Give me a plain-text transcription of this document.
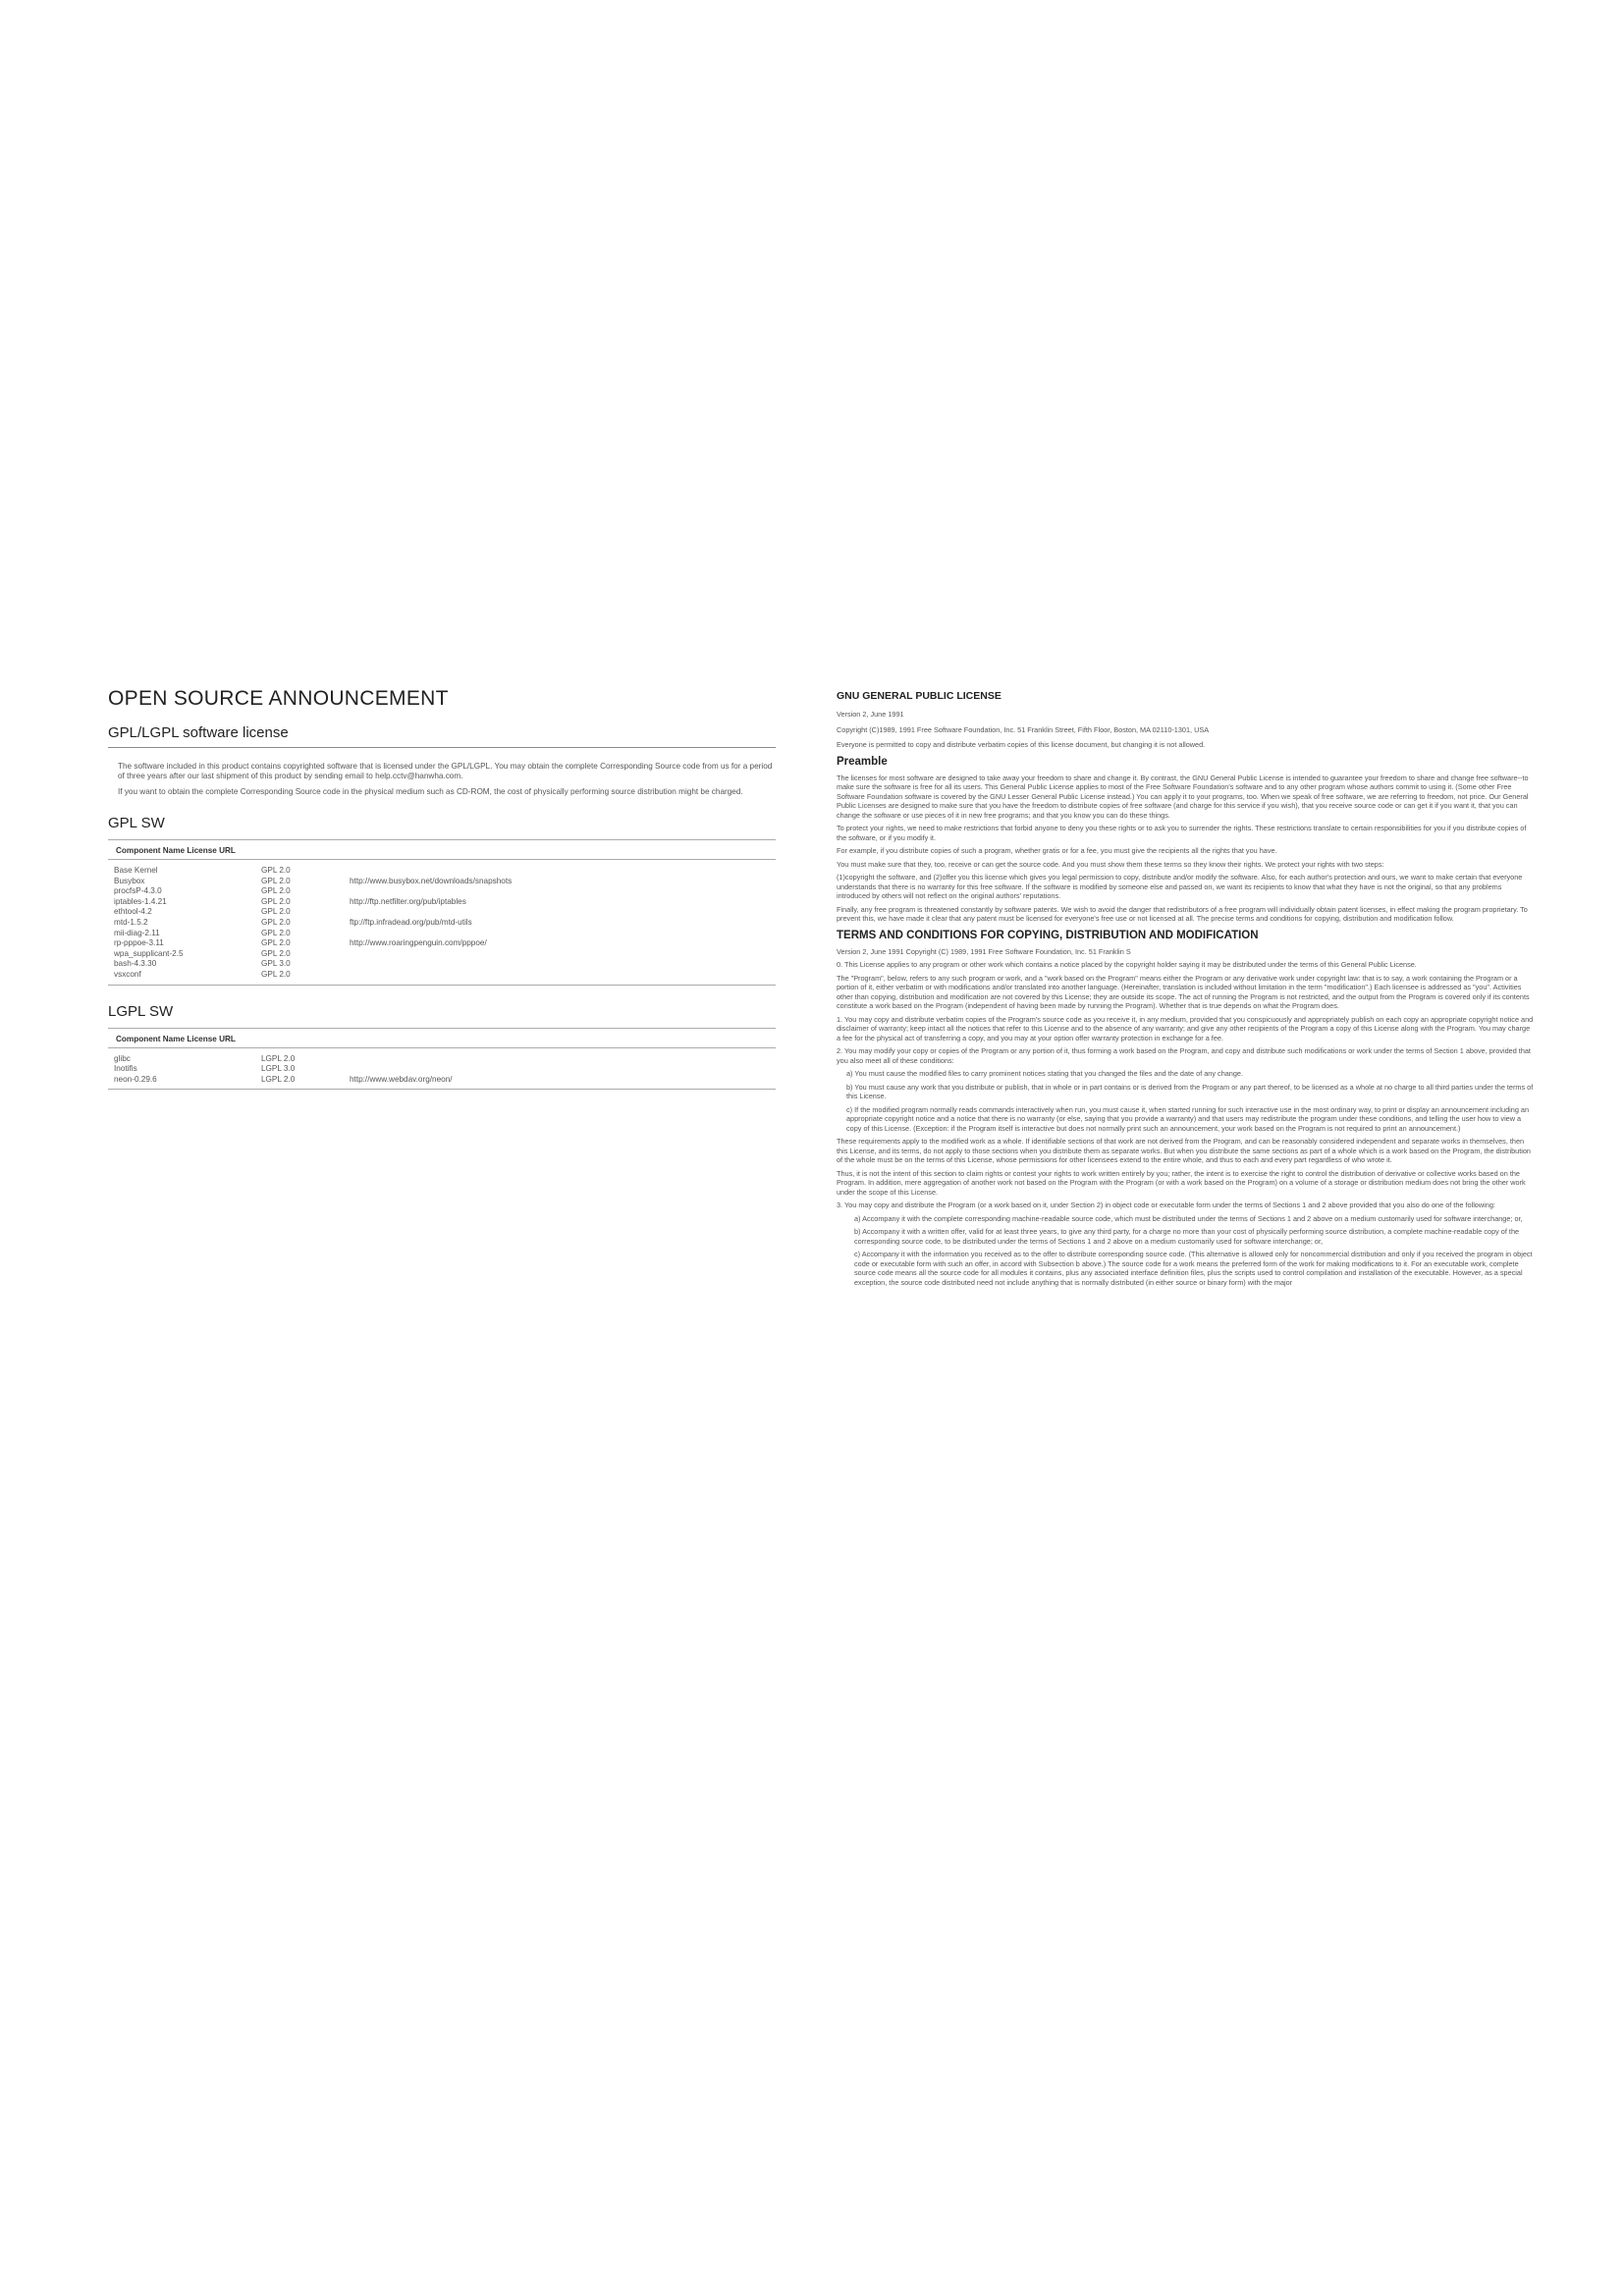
OPEN SOURCE ANNOUNCEMENT
GPL/LGPL software license

The software included in this product contains copyrighted software that is licensed under the GPL/LGPL. You may obtain the complete Corresponding Source code from us for a period of three years after our last shipment of this product by sending email to help.cctv@hanwha.com.

If you want to obtain the complete Corresponding Source code in the physical medium such as CD-ROM, the cost of physically performing source distribution might be charged.

GPL SW
Component Name License URL
Base Kernel	GPL 2.0
Busybox	GPL 2.0	http://www.busybox.net/downloads/snapshots
procfsP-4.3.0	GPL 2.0
iptables-1.4.21	GPL 2.0	http://ftp.netfilter.org/pub/iptables
ethtool-4.2	GPL 2.0
mtd-1.5.2	GPL 2.0	ftp://ftp.infradead.org/pub/mtd-utils
mii-diag-2.11	GPL 2.0
rp-pppoe-3.11	GPL 2.0	http://www.roaringpenguin.com/pppoe/
wpa_supplicant-2.5	GPL 2.0
bash-4.3.30	GPL 3.0
vsxconf	GPL 2.0
LGPL SW
Component Name License URL
glibc	LGPL 2.0
Inotifis	LGPL 3.0
neon-0.29.6	LGPL 2.0	http://www.webdav.org/neon/
GNU GENERAL PUBLIC LICENSE

Version 2, June 1991

Copyright (C)1989, 1991 Free Software Foundation, Inc. 51 Franklin Street, Fifth Floor, Boston, MA 02110-1301, USA

Everyone is permitted to copy and distribute verbatim copies of this license document, but changing it is not allowed.

Preamble

The licenses for most software are designed to take away your freedom to share and change it. By contrast, the GNU General Public License is intended to guarantee your freedom to share and change free software--to make sure the software is free for all its users. This General Public License applies to most of the Free Software Foundation's software and to any other program whose authors commit to using it. (Some other Free Software Foundation software is covered by the GNU Lesser General Public License instead.) You can apply it to your programs, too. When we speak of free software, we are referring to freedom, not price. Our General Public Licenses are designed to make sure that you have the freedom to distribute copies of free software (and charge for this service if you wish), that you receive source code or can get it if you want it, that you can change the software or use pieces of it in new free programs; and that you know you can do these things.

To protect your rights, we need to make restrictions that forbid anyone to deny you these rights or to ask you to surrender the rights. These restrictions translate to certain responsibilities for you if you distribute copies of the software, or if you modify it.

For example, if you distribute copies of such a program, whether gratis or for a fee, you must give the recipients all the rights that you have.

You must make sure that they, too, receive or can get the source code. And you must show them these terms so they know their rights. We protect your rights with two steps:

(1)copyright the software, and (2)offer you this license which gives you legal permission to copy, distribute and/or modify the software. Also, for each author's protection and ours, we want to make certain that everyone understands that there is no warranty for this free software. If the software is modified by someone else and passed on, we want its recipients to know that what they have is not the original, so that any problems introduced by others will not reflect on the original authors' reputations.

Finally, any free program is threatened constantly by software patents. We wish to avoid the danger that redistributors of a free program will individually obtain patent licenses, in effect making the program proprietary. To prevent this, we have made it clear that any patent must be licensed for everyone's free use or not licensed at all. The precise terms and conditions for copying, distribution and modification follow.

TERMS AND CONDITIONS FOR COPYING, DISTRIBUTION AND MODIFICATION

Version 2, June 1991 Copyright (C) 1989, 1991 Free Software Foundation, Inc. 51 Franklin S

0. This License applies to any program or other work which contains a notice placed by the copyright holder saying it may be distributed under the terms of this General Public License.

The "Program", below, refers to any such program or work, and a "work based on the Program" means either the Program or any derivative work under copyright law: that is to say, a work containing the Program or a portion of it, either verbatim or with modifications and/or translated into another language. (Hereinafter, translation is included without limitation in the term "modification".) Each licensee is addressed as "you". Activities other than copying, distribution and modification are not covered by this License; they are outside its scope. The act of running the Program is not restricted, and the output from the Program is covered only if its contents constitute a work based on the Program (independent of having been made by running the Program). Whether that is true depends on what the Program does.

1. You may copy and distribute verbatim copies of the Program's source code as you receive it, in any medium, provided that you conspicuously and appropriately publish on each copy an appropriate copyright notice and disclaimer of warranty; keep intact all the notices that refer to this License and to the absence of any warranty; and give any other recipients of the Program a copy of this License along with the Program. You may charge a fee for the physical act of transferring a copy, and you may at your option offer warranty protection in exchange for a fee.

2. You may modify your copy or copies of the Program or any portion of it, thus forming a work based on the Program, and copy and distribute such modifications or work under the terms of Section 1 above, provided that you also meet all of these conditions:

a) You must cause the modified files to carry prominent notices stating that you changed the files and the date of any change.

b) You must cause any work that you distribute or publish, that in whole or in part contains or is derived from the Program or any part thereof, to be licensed as a whole at no charge to all third parties under the terms of this License.

c) If the modified program normally reads commands interactively when run, you must cause it, when started running for such interactive use in the most ordinary way, to print or display an announcement including an appropriate copyright notice and a notice that there is no warranty (or else, saying that you provide a warranty) and that users may redistribute the program under these conditions, and telling the user how to view a copy of this License. (Exception: if the Program itself is interactive but does not normally print such an announcement, your work based on the Program is not required to print an announcement.)

These requirements apply to the modified work as a whole. If identifiable sections of that work are not derived from the Program, and can be reasonably considered independent and separate works in themselves, then this License, and its terms, do not apply to those sections when you distribute them as separate works. But when you distribute the same sections as part of a whole which is a work based on the Program, the distribution of the whole must be on the terms of this License, whose permissions for other licensees extend to the entire whole, and thus to each and every part regardless of who wrote it.

Thus, it is not the intent of this section to claim rights or contest your rights to work written entirely by you; rather, the intent is to exercise the right to control the distribution of derivative or collective works based on the Program. In addition, mere aggregation of another work not based on the Program with the Program (or with a work based on the Program) on a volume of a storage or distribution medium does not bring the other work under the scope of this License.

3. You may copy and distribute the Program (or a work based on it, under Section 2) in object code or executable form under the terms of Sections 1 and 2 above provided that you also do one of the following:

a) Accompany it with the complete corresponding machine-readable source code, which must be distributed under the terms of Sections 1 and 2 above on a medium customarily used for software interchange; or,

b) Accompany it with a written offer, valid for at least three years, to give any third party, for a charge no more than your cost of physically performing source distribution, a complete machine-readable copy of the corresponding source code, to be distributed under the terms of Sections 1 and 2 above on a medium customarily used for software interchange; or,

c) Accompany it with the information you received as to the offer to distribute corresponding source code. (This alternative is allowed only for noncommercial distribution and only if you received the program in object code or executable form with such an offer, in accord with Subsection b above.) The source code for a work means the preferred form of the work for making modifications to it. For an executable work, complete source code means all the source code for all modules it contains, plus any associated interface definition files, plus the scripts used to control compilation and installation of the executable. However, as a special exception, the source code distributed need not include anything that is normally distributed (in either source or binary form) with the major
